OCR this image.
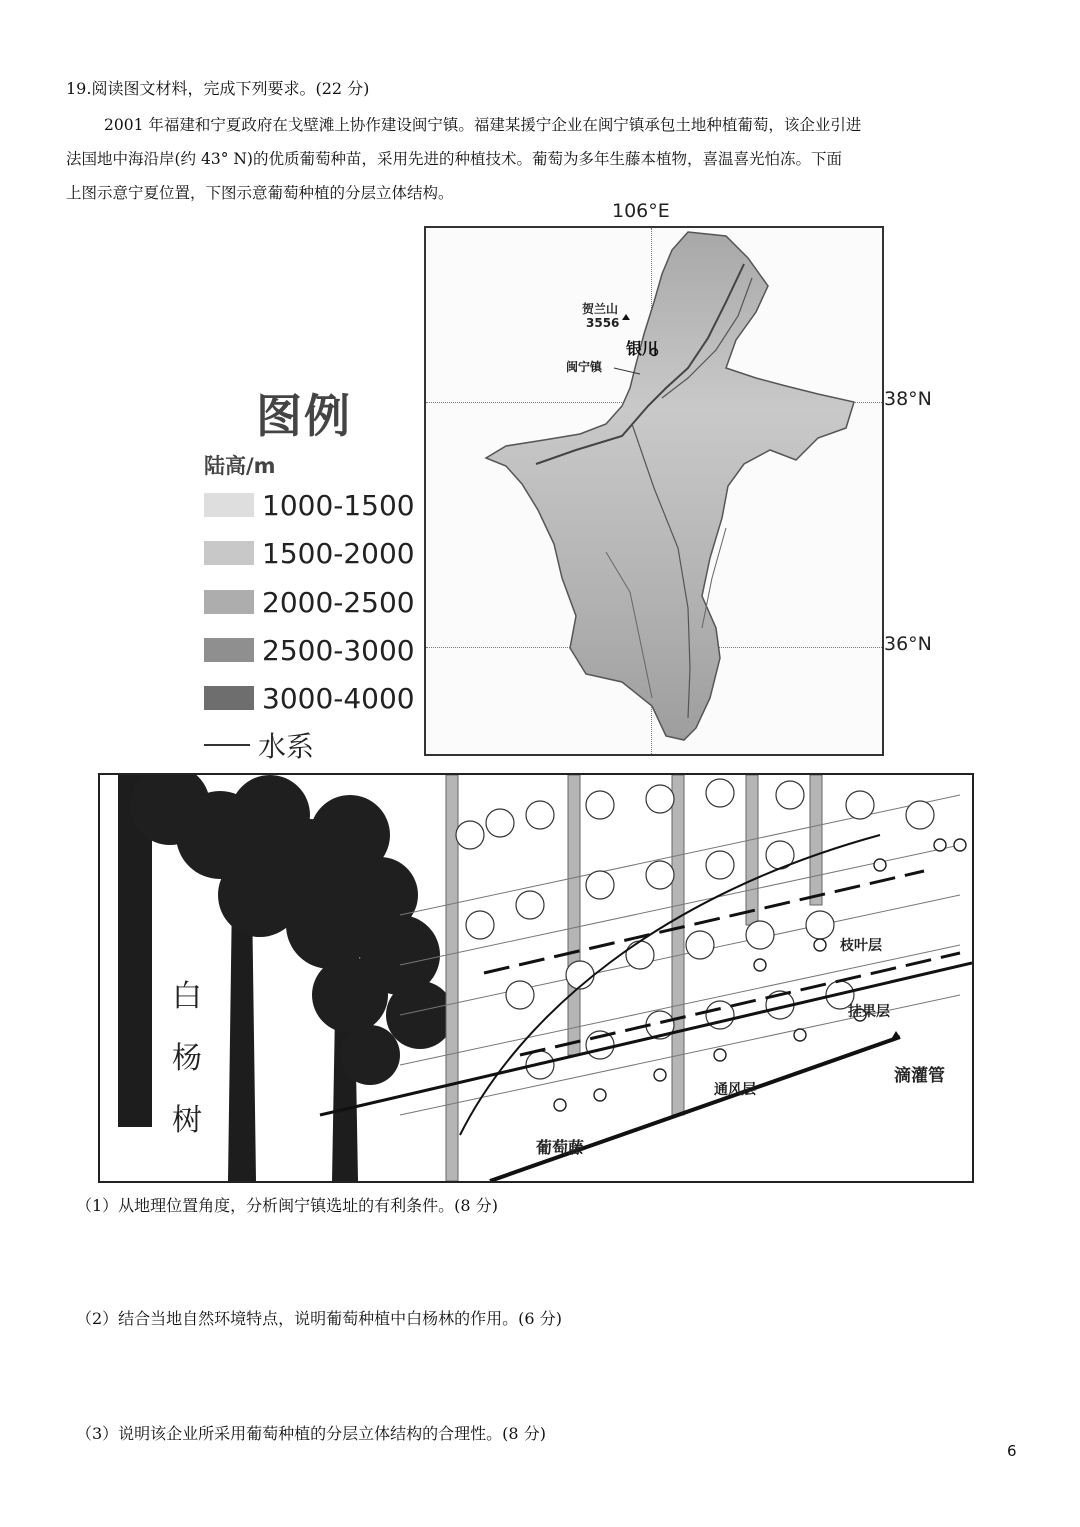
19.阅读图文材料，完成下列要求。(22 分)
2001 年福建和宁夏政府在戈壁滩上协作建设闽宁镇。福建某援宁企业在闽宁镇承包土地种植葡萄，该企业引进
法国地中海沿岸(约 43° N)的优质葡萄种苗，采用先进的种植技术。葡萄为多年生藤本植物，喜温喜光怕冻。下面
上图示意宁夏位置，下图示意葡萄种植的分层立体结构。
106°E
贺兰山
3556
银川
闽宁镇
38°N
36°N
图例
陆高/m
1000-1500
1500-2000
2000-2500
2500-3000
3000-4000
水系
白
杨
树
枝叶层
挂果层
通风层
滴灌管
葡萄藤
（1）从地理位置角度，分析闽宁镇选址的有利条件。(8 分)
（2）结合当地自然环境特点，说明葡萄种植中白杨林的作用。(6 分)
（3）说明该企业所采用葡萄种植的分层立体结构的合理性。(8 分)
6
